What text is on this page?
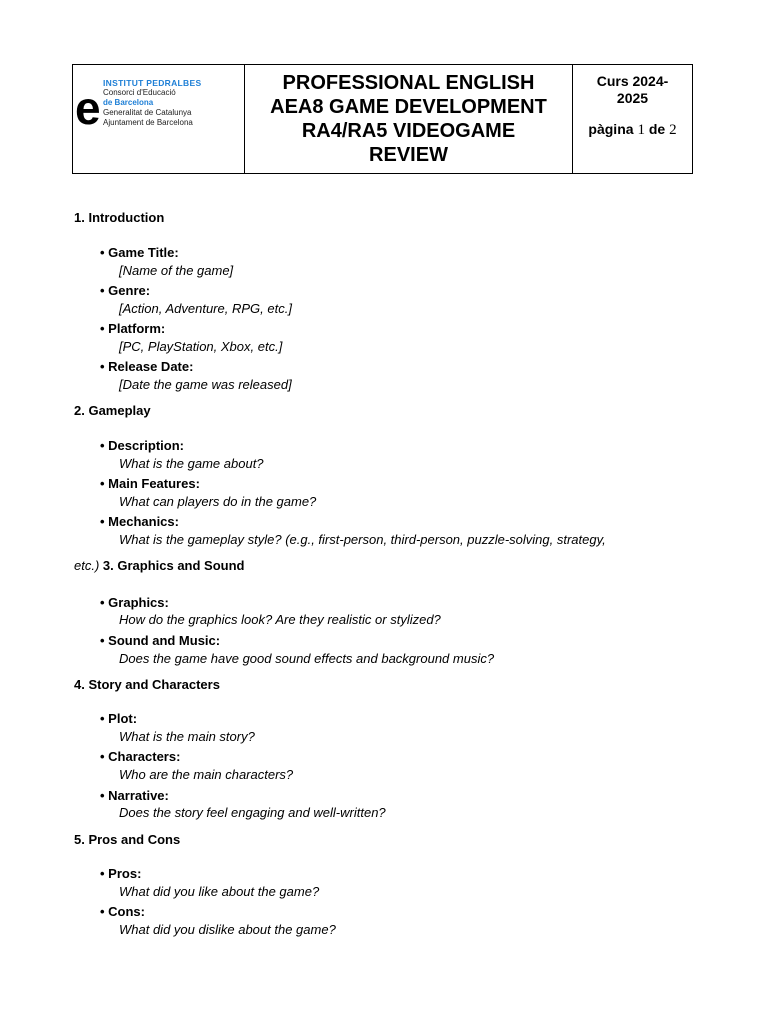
e INSTITUT PEDRALBES
Consorci d'Educació
de Barcelona
Generalitat de Catalunya
Ajuntament de Barcelona
PROFESSIONAL ENGLISH
AEA8 GAME DEVELOPMENT
RA4/RA5 VIDEOGAME
REVIEW
Curs 2024-
2025
pàgina 1 de 2
1. Introduction
• Game Title:
[Name of the game]
• Genre:
[Action, Adventure, RPG, etc.]
• Platform:
[PC, PlayStation, Xbox, etc.]
• Release Date:
[Date the game was released]
2. Gameplay
• Description:
What is the game about?
• Main Features:
What can players do in the game?
• Mechanics:
What is the gameplay style? (e.g., first-person, third-person, puzzle-solving, strategy,
etc.) 3. Graphics and Sound
• Graphics:
How do the graphics look? Are they realistic or stylized?
• Sound and Music:
Does the game have good sound effects and background music?
4. Story and Characters
• Plot:
What is the main story?
• Characters:
Who are the main characters?
• Narrative:
Does the story feel engaging and well-written?
5. Pros and Cons
• Pros:
What did you like about the game?
• Cons:
What did you dislike about the game?
